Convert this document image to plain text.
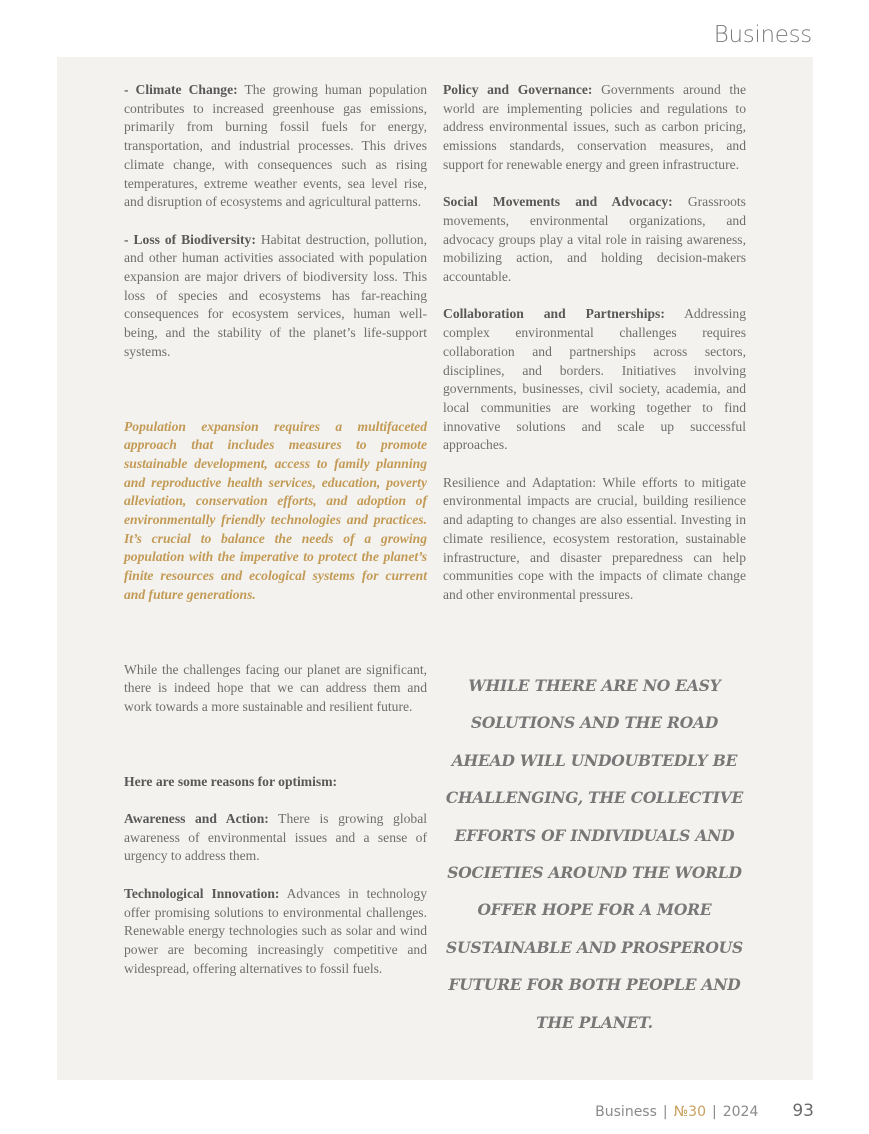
Business

- Climate Change: The growing human population contributes to increased greenhouse gas emissions, primarily from burning fossil fuels for energy, transportation, and industrial processes. This drives climate change, with consequences such as rising temperatures, extreme weather events, sea level rise, and disruption of ecosystems and agricultural patterns.

- Loss of Biodiversity: Habitat destruction, pollution, and other human activities associated with population expansion are major drivers of biodiversity loss. This loss of species and ecosystems has far-reaching consequences for ecosystem services, human well-being, and the stability of the planet’s life-support systems.

Population expansion requires a multifaceted approach that includes measures to promote sustainable development, access to family planning and reproductive health services, education, poverty alleviation, conservation efforts, and adoption of environmentally friendly technologies and practices. It’s crucial to balance the needs of a growing population with the imperative to protect the planet’s finite resources and ecological systems for current and future generations.

While the challenges facing our planet are significant, there is indeed hope that we can address them and work towards a more sustainable and resilient future.

Here are some reasons for optimism:

Awareness and Action: There is growing global awareness of environmental issues and a sense of urgency to address them.

Technological Innovation: Advances in technology offer promising solutions to environmental challenges. Renewable energy technologies such as solar and wind power are becoming increasingly competitive and widespread, offering alternatives to fossil fuels.

Policy and Governance: Governments around the world are implementing policies and regulations to address environmental issues, such as carbon pricing, emissions standards, conservation measures, and support for renewable energy and green infrastructure.

Social Movements and Advocacy: Grassroots movements, environmental organizations, and advocacy groups play a vital role in raising awareness, mobilizing action, and holding decision-makers accountable.

Collaboration and Partnerships: Addressing complex environmental challenges requires collaboration and partnerships across sectors, disciplines, and borders. Initiatives involving governments, businesses, civil society, academia, and local communities are working together to find innovative solutions and scale up successful approaches.

Resilience and Adaptation: While efforts to mitigate environmental impacts are crucial, building resilience and adapting to changes are also essential. Investing in climate resilience, ecosystem restoration, sustainable infrastructure, and disaster preparedness can help communities cope with the impacts of climate change and other environmental pressures.

WHILE THERE ARE NO EASY SOLUTIONS AND THE ROAD AHEAD WILL UNDOUBTEDLY BE CHALLENGING, THE COLLECTIVE EFFORTS OF INDIVIDUALS AND SOCIETIES AROUND THE WORLD OFFER HOPE FOR A MORE SUSTAINABLE AND PROSPEROUS FUTURE FOR BOTH PEOPLE AND THE PLANET.
Business | №30 | 2024 93
